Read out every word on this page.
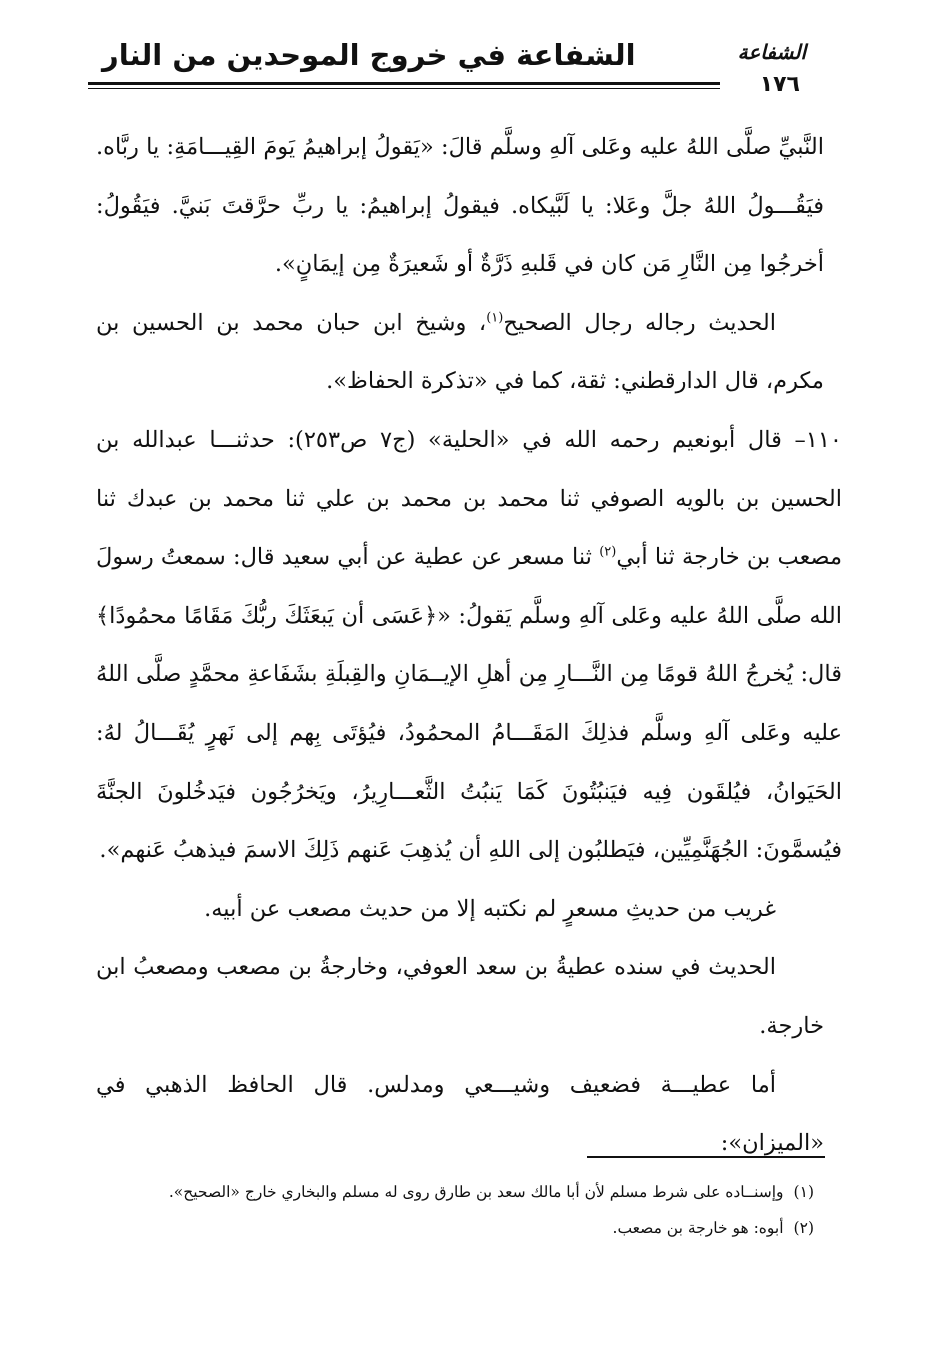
الشفاعة
الشفاعة في خروج الموحدين من النار
١٧٦

النَّبيِّ صلَّى اللهُ عليه وعَلى آلهِ وسلَّم قالَ: «يَقولُ إبراهيمُ يَومَ القِيـــامَةِ: يا ربَّاه. فيَقُـــولُ اللهُ جلَّ وعَلا: يا لَبَّيكاه. فيقولُ إبراهيمُ: يا ربِّ حرَّقتَ بَنيَّ. فيَقُولُ: أخرجُوا مِن النَّارِ مَن كان في قَلبهِ ذَرَّةٌ أو شَعيرَةٌ مِن إيمَانٍ».

الحديث رجاله رجال الصحيح$^{(١)}$، وشيخ ابن حبان محمد بن الحسين بن مكرم، قال الدارقطني: ثقة، كما في «تذكرة الحفاظ».

١١٠– قال أبونعيم رحمه الله في «الحلية» (ج٧ ص٢٥٣): حدثنـــا عبدالله بن الحسين بن بالويه الصوفي ثنا محمد بن محمد بن علي ثنا محمد بن عبدك ثنا مصعب بن خارجة ثنا أبي$^{(٢)}$ ثنا مسعر عن عطية عن أبي سعيد قال: سمعتُ رسولَ الله صلَّى اللهُ عليه وعَلى آلهِ وسلَّم يَقولُ: «﴿عَسَى أن يَبعَثَكَ ربُّكَ مَقَامًا محمُودًا﴾ قال: يُخرجُ اللهُ قومًا مِن النَّـــارِ مِن أهلِ الإيــمَانِ والقِبلَةِ بشَفَاعةِ محمَّدٍ صلَّى اللهُ عليه وعَلى آلهِ وسلَّم فذلِكَ المَقَـــامُ المحمُودُ، فيُؤتَى بِهم إلى نَهرٍ يُقَـــالُ لهُ: الحَيَوانُ، فيُلقَون فِيه فيَنبُتُونَ كَمَا يَنبُتُ الثَّعـــارِيرُ، ويَخرُجُون فيَدخُلونَ الجنَّةَ فيُسمَّونَ: الجُهَنَّمِيِّين، فيَطلبُون إلى اللهِ أن يُذهِبَ عَنهم ذَلِكَ الاسمَ فيذهبُ عَنهم».

غريب من حديثِ مسعرٍ لم نكتبه إلا من حديث مصعب عن أبيه.

الحديث في سنده عطيةُ بن سعد العوفي، وخارجةُ بن مصعب ومصعبُ ابن خارجة.

أما عطيـــة فضعيف وشيـــعي ومدلس. قال الحافظ الذهبي في «الميزان»:

(١)وإسنــاده على شرط مسلم لأن أبا مالك سعد بن طارق روى له مسلم والبخاري خارج «الصحيح».

(٢)أبوه: هو خارجة بن مصعب.
